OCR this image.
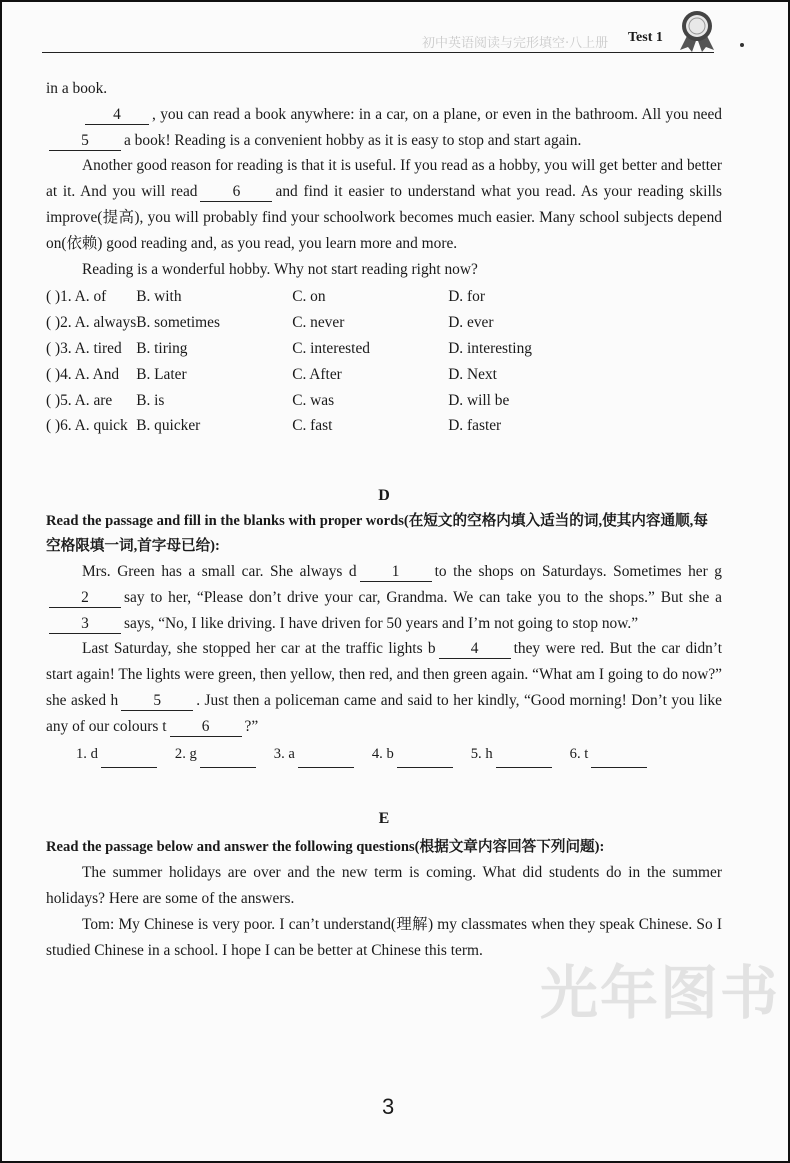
初中英语阅读与完形填空·八上册 Test 1
光年图书

in a book.

4 , you can read a book anywhere: in a car, on a plane, or even in the bathroom. All you need5 a book! Reading is a convenient hobby as it is easy to stop and start again.

Another good reason for reading is that it is useful. If you read as a hobby, you will get better and better at it. And you will read 6 and find it easier to understand what you read. As your reading skills improve(提高), you will probably find your schoolwork becomes much easier. Many school subjects depend on(依赖) good reading and, as you read, you learn more and more.

Reading is a wonderful hobby. Why not start reading right now?

( )1. A. of	B. with	C. on	D. for
( )2. A. always	B. sometimes	C. never	D. ever
( )3. A. tired	B. tiring	C. interested	D. interesting
( )4. A. And	B. Later	C. After	D. Next
( )5. A. are	B. is	C. was	D. will be
( )6. A. quick	B. quicker	C. fast	D. faster
D
Read the passage and fill in the blanks with proper words(在短文的空格内填入适当的词,使其内容通顺,每空格限填一词,首字母已给):

Mrs. Green has a small car. She always d 1 to the shops on Saturdays. Sometimes her g2 say to her, “Please don’t drive your car, Grandma. We can take you to the shops.” But she a3 says, “No, I like driving. I have driven for 50 years and I’m not going to stop now.”

Last Saturday, she stopped her car at the traffic lights b 4 they were red. But the car didn’t start again! The lights were green, then yellow, then red, and then green again. “What am I going to do now?” she asked h 5 . Just then a policeman came and said to her kindly, “Good morning! Don’t you like any of our colours t 6 ?”

1. d	2. g	3. a	4. b	5. h	6. t
E
Read the passage below and answer the following questions(根据文章内容回答下列问题):

The summer holidays are over and the new term is coming. What did students do in the summer holidays? Here are some of the answers.

Tom: My Chinese is very poor. I can’t understand(理解) my classmates when they speak Chinese. So I studied Chinese in a school. I hope I can be better at Chinese this term.

3
